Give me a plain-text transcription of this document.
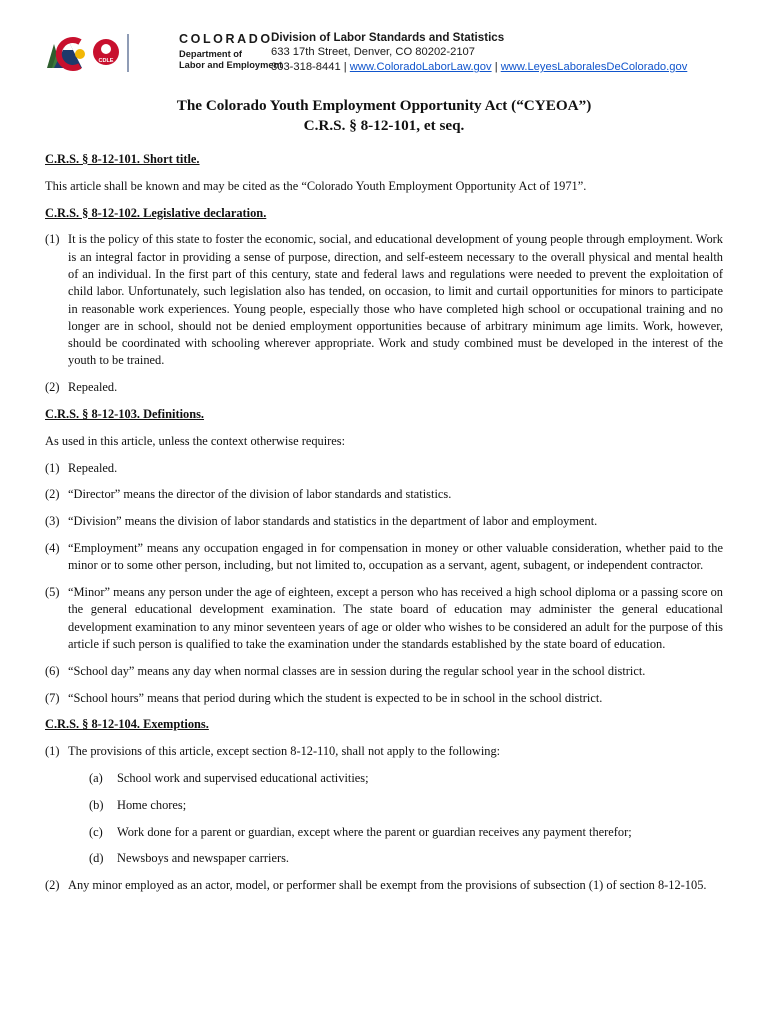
CDLE
COLORADO
Department of
Labor and Employment
Division of Labor Standards and Statistics
633 17th Street, Denver, CO 80202-2107
303-318-8441 | www.ColoradoLaborLaw.gov | www.LeyesLaboralesDeColorado.gov
The Colorado Youth Employment Opportunity Act (“CYEOA”)
C.R.S. § 8-12-101, et seq.
C.R.S. § 8-12-101. Short title.
This article shall be known and may be cited as the “Colorado Youth Employment Opportunity Act of 1971”.
C.R.S. § 8-12-102. Legislative declaration.
(1) It is the policy of this state to foster the economic, social, and educational development of young people through employment. Work is an integral factor in providing a sense of purpose, direction, and self-esteem necessary to the overall physical and mental health of an individual. In the first part of this century, state and federal laws and regulations were needed to prevent the exploitation of child labor. Unfortunately, such legislation also has tended, on occasion, to limit and curtail opportunities for minors to participate in reasonable work experiences. Young people, especially those who have completed high school or occupational training and no longer are in school, should not be denied employment opportunities because of arbitrary minimum age limits. Work, however, should be coordinated with schooling wherever appropriate. Work and study combined must be developed in the interest of the youth to be trained.
(2) Repealed.
C.R.S. § 8-12-103. Definitions.
As used in this article, unless the context otherwise requires:
(1) Repealed.
(2) “Director” means the director of the division of labor standards and statistics.
(3) “Division” means the division of labor standards and statistics in the department of labor and employment.
(4) “Employment” means any occupation engaged in for compensation in money or other valuable consideration, whether paid to the minor or to some other person, including, but not limited to, occupation as a servant, agent, subagent, or independent contractor.
(5) “Minor” means any person under the age of eighteen, except a person who has received a high school diploma or a passing score on the general educational development examination. The state board of education may administer the general educational development examination to any minor seventeen years of age or older who wishes to be considered an adult for the purpose of this article if such person is qualified to take the examination under the standards established by the state board of education.
(6) “School day” means any day when normal classes are in session during the regular school year in the school district.
(7) “School hours” means that period during which the student is expected to be in school in the school district.
C.R.S. § 8-12-104. Exemptions.
(1) The provisions of this article, except section 8-12-110, shall not apply to the following:
(a)	School work and supervised educational activities;
(b)	Home chores;
(c)	Work done for a parent or guardian, except where the parent or guardian receives any payment therefor;
(d)	Newsboys and newspaper carriers.
(2) Any minor employed as an actor, model, or performer shall be exempt from the provisions of subsection (1) of section 8-12-105.
